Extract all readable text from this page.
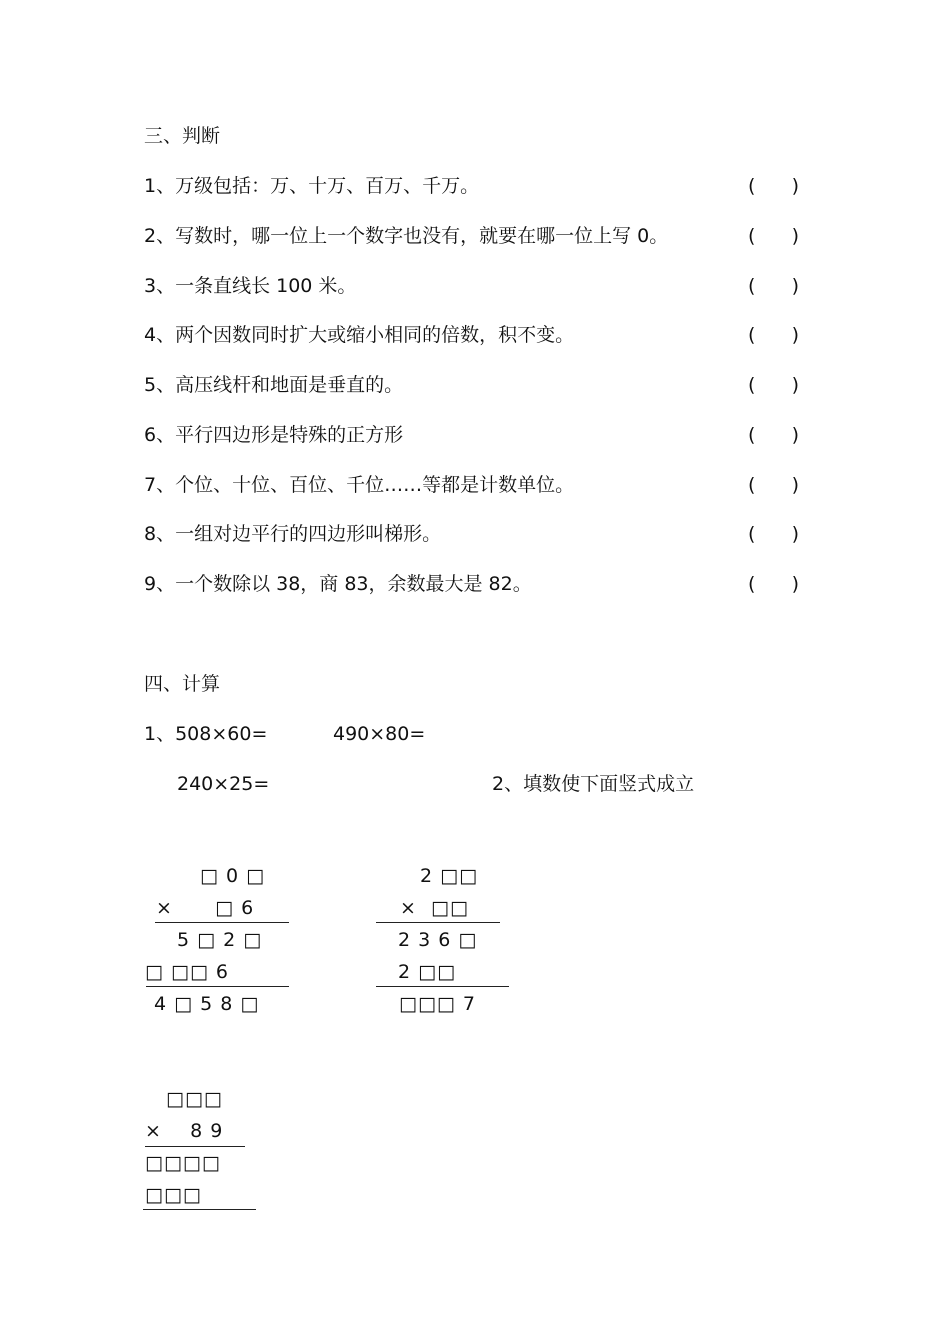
三、判断
1、万级包括：万、十万、百万、千万。	(      )
2、写数时，哪一位上一个数字也没有，就要在哪一位上写 0。	(      )
3、一条直线长 100 米。	(      )
4、两个因数同时扩大或缩小相同的倍数，积不变。	(      )
5、高压线杆和地面是垂直的。	(      )
6、平行四边形是特殊的正方形	(      )
7、个位、十位、百位、千位……等都是计数单位。	(      )
8、一组对边平行的四边形叫梯形。	(      )
9、一个数除以 38，商 83，余数最大是 82。	(      )
四、计算
1、508×60=	490×80=
240×25=	2、填数使下面竖式成立
□ 0 □
×      □ 6
5 □ 2 □
□ □□ 6
4 □ 5 8 □
2 □□
×  □□
2 3 6 □
2 □□
□□□ 7
□□□
×    8 9
□□□□
□□□
